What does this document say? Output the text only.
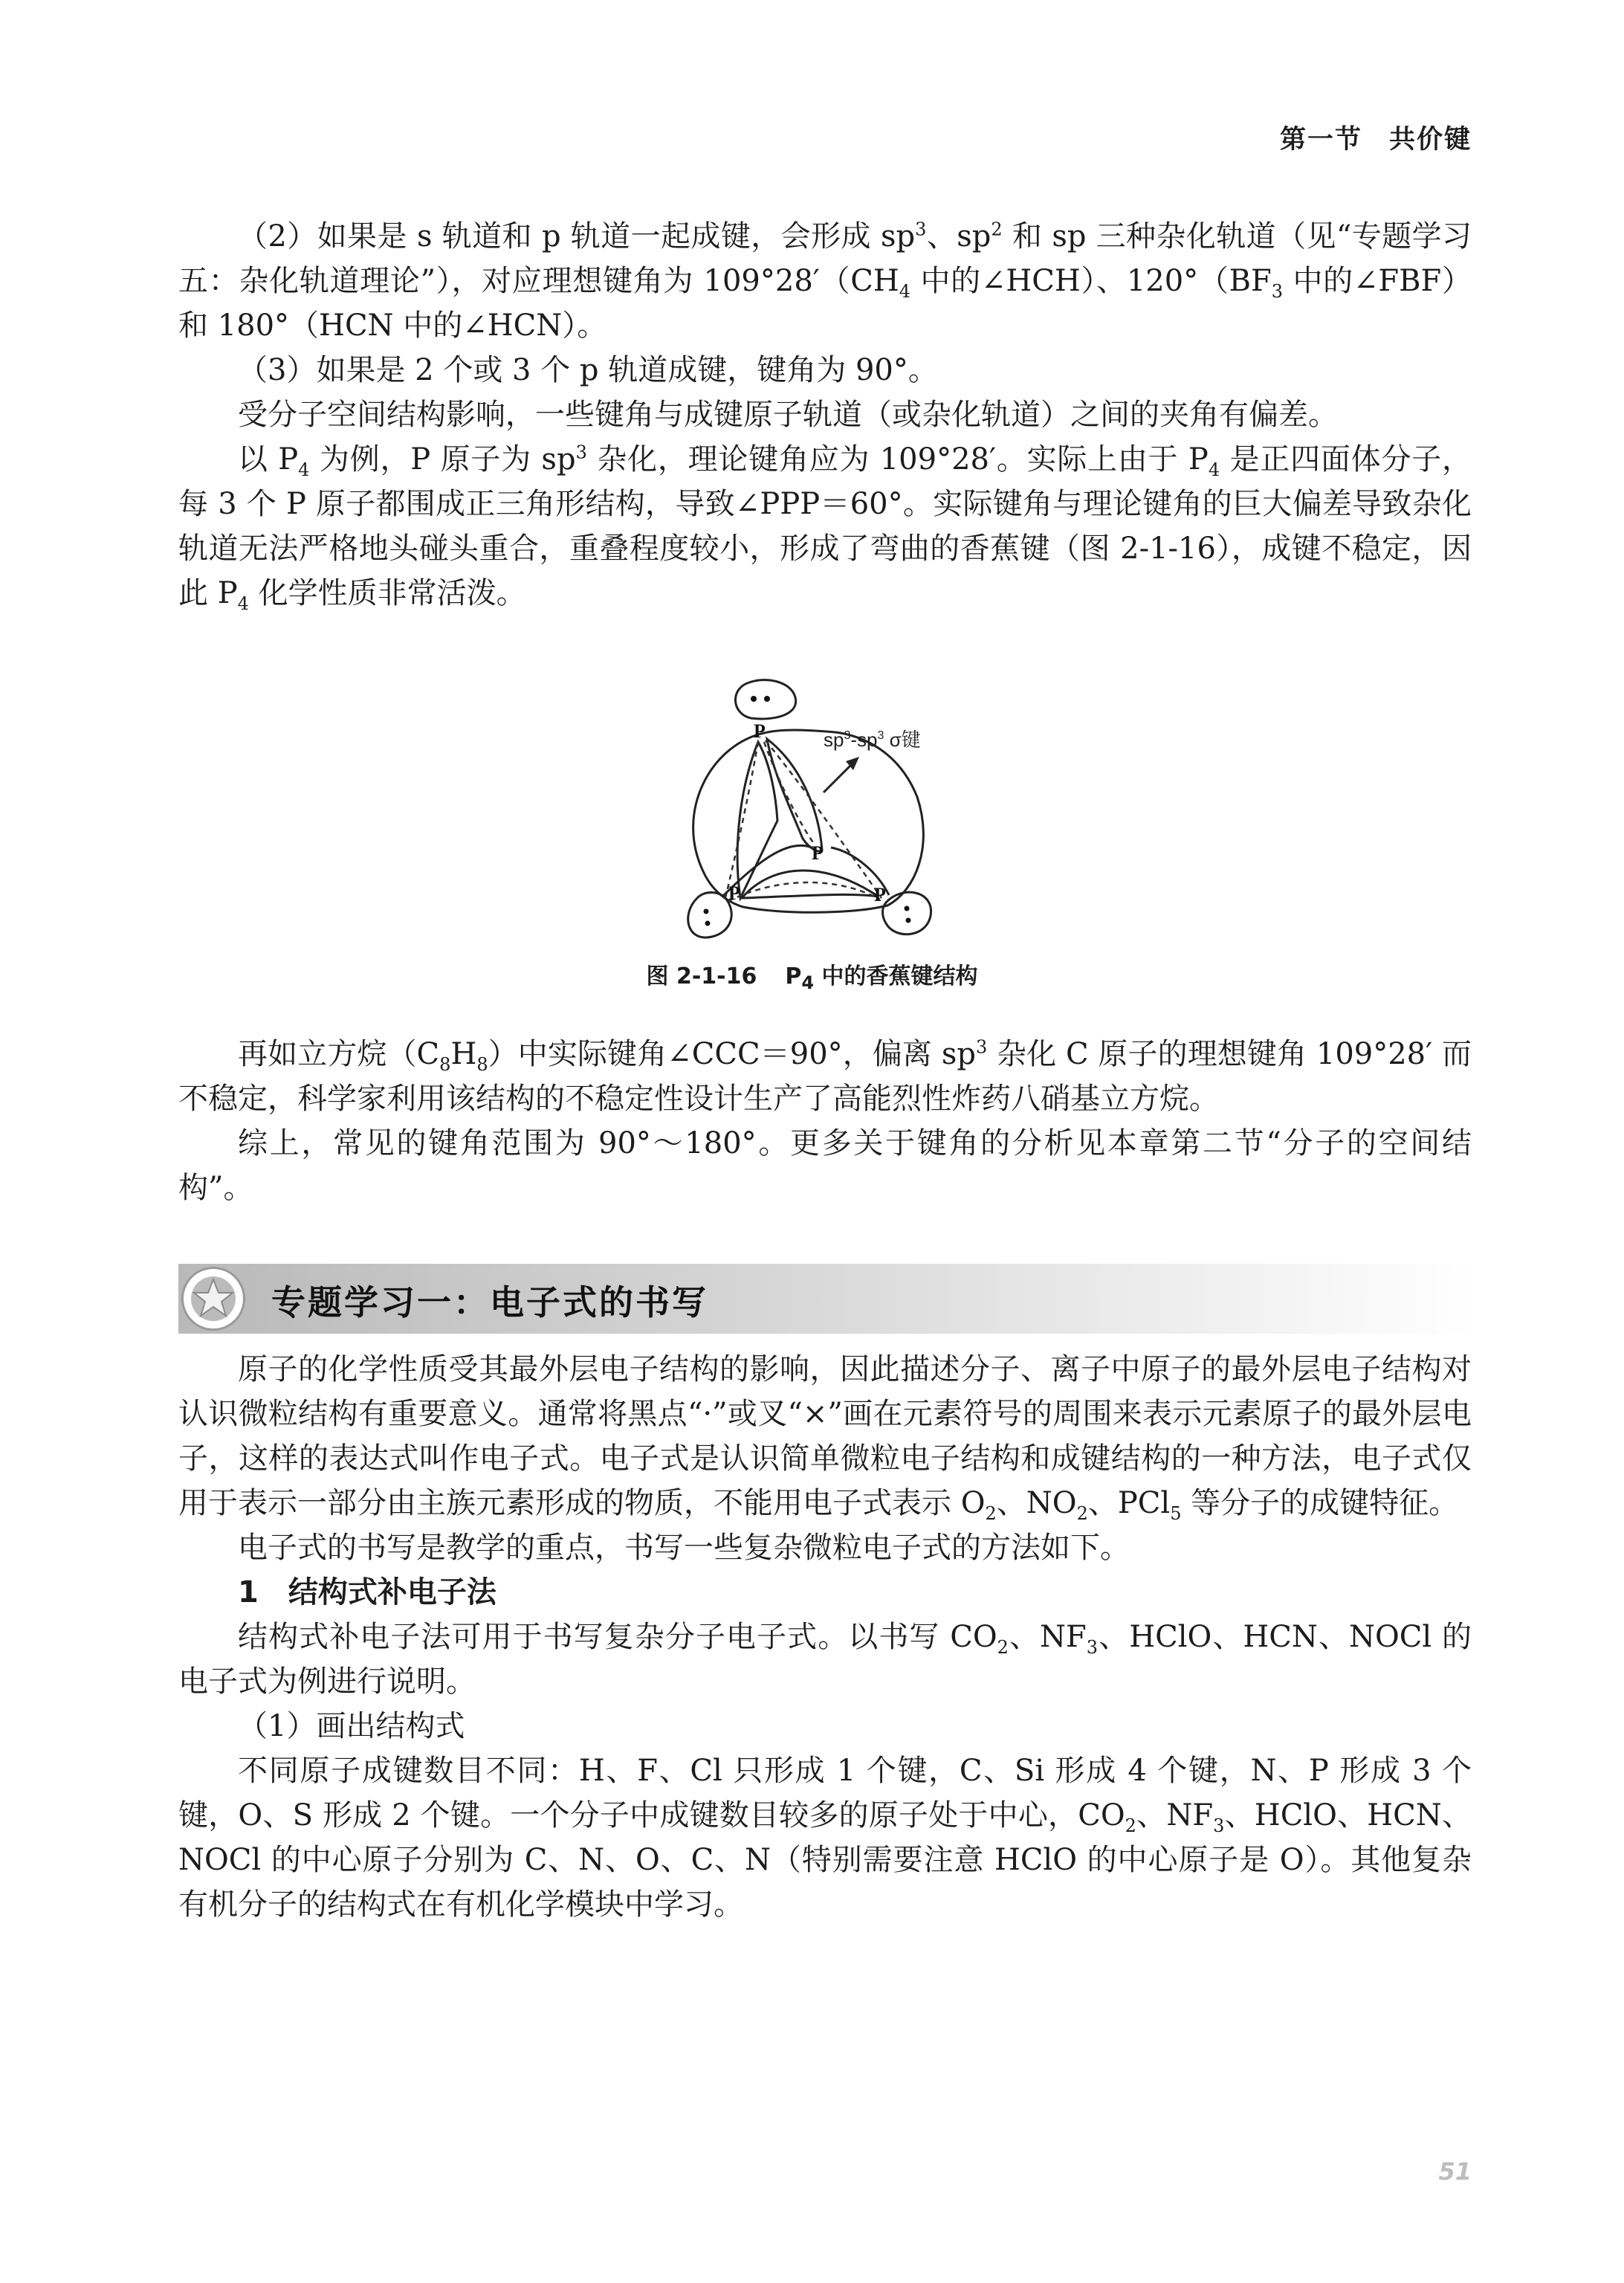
第一节 共价键

（2）如果是 s 轨道和 p 轨道一起成键，会形成 $sp^3$、$sp^2$ 和 sp 三种杂化轨道（见“专题学习五：杂化轨道理论”），对应理想键角为 $109^\circ 28'(CH_4$ 中的∠HCH）、$120^\circ(BF_3$ 中的∠FBF）和 180°（HCN 中的∠HCN）。

（3）如果是 2 个或 3 个 p 轨道成键，键角为 90°。

受分子空间结构影响，一些键角与成键原子轨道（或杂化轨道）之间的夹角有偏差。

以 $P_4$ 为例，P 原子为 $sp^3$ 杂化，理论键角应为 109°28′。实际上由于 $P_4$ 是正四面体分子，每 3 个 P 原子都围成正三角形结构，导致∠PPP＝60°。实际键角与理论键角的巨大偏差导致杂化轨道无法严格地头碰头重合，重叠程度较小，形成了弯曲的香蕉键（图 2-1-16），成键不稳定，因此 $P_4$ 化学性质非常活泼。

P
P
P	P
$sp^3-sp^3$ σ键
图 2-1-16 $P_4$ 中的香蕉键结构

再如立方烷$(C_8H_8)$中实际键角∠CCC＝90°，偏离 $sp^3$ 杂化 C 原子的理想键角 109°28′ 而不稳定，科学家利用该结构的不稳定性设计生产了高能烈性炸药八硝基立方烷。

综上，常见的键角范围为 90°～180°。更多关于键角的分析见本章第二节“分子的空间结构”。

专题学习一：电子式的书写

原子的化学性质受其最外层电子结构的影响，因此描述分子、离子中原子的最外层电子结构对认识微粒结构有重要意义。通常将黑点“·”或叉“×”画在元素符号的周围来表示元素原子的最外层电子，这样的表达式叫作电子式。电子式是认识简单微粒电子结构和成键结构的一种方法，电子式仅用于表示一部分由主族元素形成的物质，不能用电子式表示 $O_2$、$NO_2$、PCl$_5$ 等分子的成键特征。

电子式的书写是教学的重点，书写一些复杂微粒电子式的方法如下。

1　结构式补电子法

结构式补电子法可用于书写复杂分子电子式。以书写 $CO_2$、$NF_3$、HClO、HCN、NOCl 的电子式为例进行说明。

（1）画出结构式

不同原子成键数目不同：H、F、Cl 只形成 1 个键，C、Si 形成 4 个键，N、P 形成 3 个键，O、S 形成 2 个键。一个分子中成键数目较多的原子处于中心，$CO_2$、$NF_3$、HClO、HCN、NOCl 的中心原子分别为 C、N、O、C、N（特别需要注意 HClO 的中心原子是 O）。其他复杂有机分子的结构式在有机化学模块中学习。

51
